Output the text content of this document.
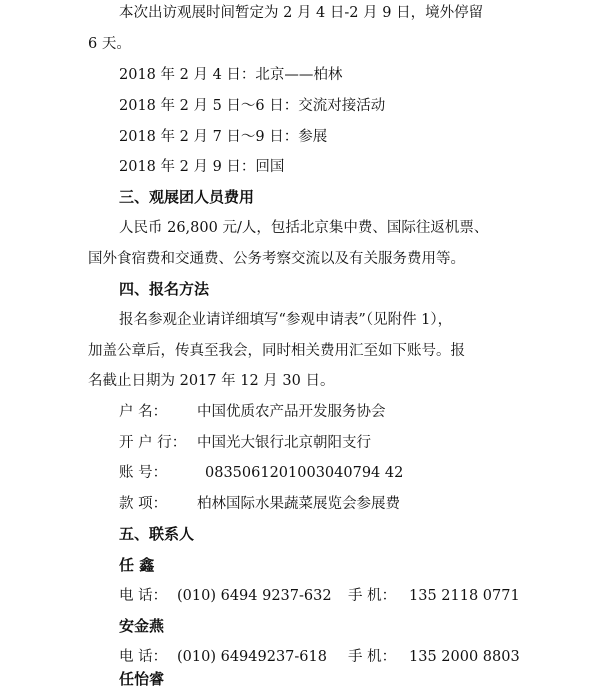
本次出访观展时间暂定为 2 月 4 日-2 月 9 日，境外停留
6 天。
2018 年 2 月 4 日：北京——柏林
2018 年 2 月 5 日～6 日：交流对接活动
2018 年 2 月 7 日～9 日：参展
2018 年 2 月 9 日：回国
三、观展团人员费用
人民币 26,800 元/人，包括北京集中费、国际往返机票、
国外食宿费和交通费、公务考察交流以及有关服务费用等。
四、报名方法
报名参观企业请详细填写“参观申请表”（见附件 1），
加盖公章后，传真至我会，同时相关费用汇至如下账号。报
名截止日期为 2017 年 12 月 30 日。
户 名： 中国优质农产品开发服务协会
开 户 行： 中国光大银行北京朝阳支行
账 号：	0835061201003040794 42
款 项： 柏林国际水果蔬菜展览会参展费
五、联系人
任 鑫
电 话： (010) 6494 9237-632 手 机： 135 2118 0771
安金燕
电 话： (010) 64949237-618 手 机： 135 2000 8803
任怡睿
